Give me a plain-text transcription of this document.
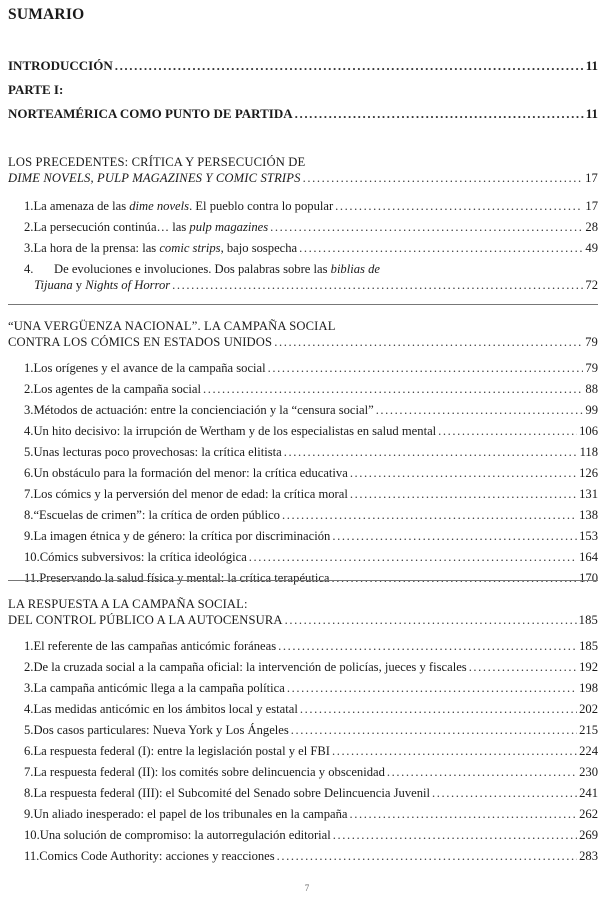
SUMARIO
INTRODUCCIÓN .....	11
PARTE I:
NORTEAMÉRICA COMO PUNTO DE PARTIDA .....	11
LOS PRECEDENTES: CRÍTICA Y PERSECUCIÓN DE
DIME NOVELS, PULP MAGAZINES Y COMIC STRIPS .....	17
1. La amenaza de las dime novels. El pueblo contra lo popular .....	17
2. La persecución continúa… las pulp magazines .....	28
3. La hora de la prensa: las comic strips, bajo sospecha .....	49
4.	De evoluciones e involuciones. Dos palabras sobre las biblias de
Tijuana y Nights of Horror .....	72
“UNA VERGÜENZA NACIONAL”. LA CAMPAÑA SOCIAL
CONTRA LOS CÓMICS EN ESTADOS UNIDOS .....	79
1. Los orígenes y el avance de la campaña social .....	79
2. Los agentes de la campaña social .....	88
3. Métodos de actuación: entre la concienciación y la “censura social” .....	99
4. Un hito decisivo: la irrupción de Wertham y de los especialistas en salud mental .....	106
5. Unas lecturas poco provechosas: la crítica elitista .....	118
6. Un obstáculo para la formación del menor: la crítica educativa .....	126
7. Los cómics y la perversión del menor de edad: la crítica moral .....	131
8. “Escuelas de crimen”: la crítica de orden público .....	138
9. La imagen étnica y de género: la crítica por discriminación .....	153
10. Cómics subversivos: la crítica ideológica .....	164
11. Preservando la salud física y mental: la crítica terapéutica .....	170
LA RESPUESTA A LA CAMPAÑA SOCIAL:
DEL CONTROL PÚBLICO A LA AUTOCENSURA .....	185
1. El referente de las campañas anticómic foráneas .....	185
2. De la cruzada social a la campaña oficial: la intervención de policías, jueces y fiscales .....	192
3. La campaña anticómic llega a la campaña política .....	198
4. Las medidas anticómic en los ámbitos local y estatal .....	202
5. Dos casos particulares: Nueva York y Los Ángeles .....	215
6. La respuesta federal (I): entre la legislación postal y el FBI .....	224
7. La respuesta federal (II): los comités sobre delincuencia y obscenidad .....	230
8. La respuesta federal (III): el Subcomité del Senado sobre Delincuencia Juvenil .....	241
9. Un aliado inesperado: el papel de los tribunales en la campaña .....	262
10. Una solución de compromiso: la autorregulación editorial .....	269
11. Comics Code Authority: acciones y reacciones .....	283
7
